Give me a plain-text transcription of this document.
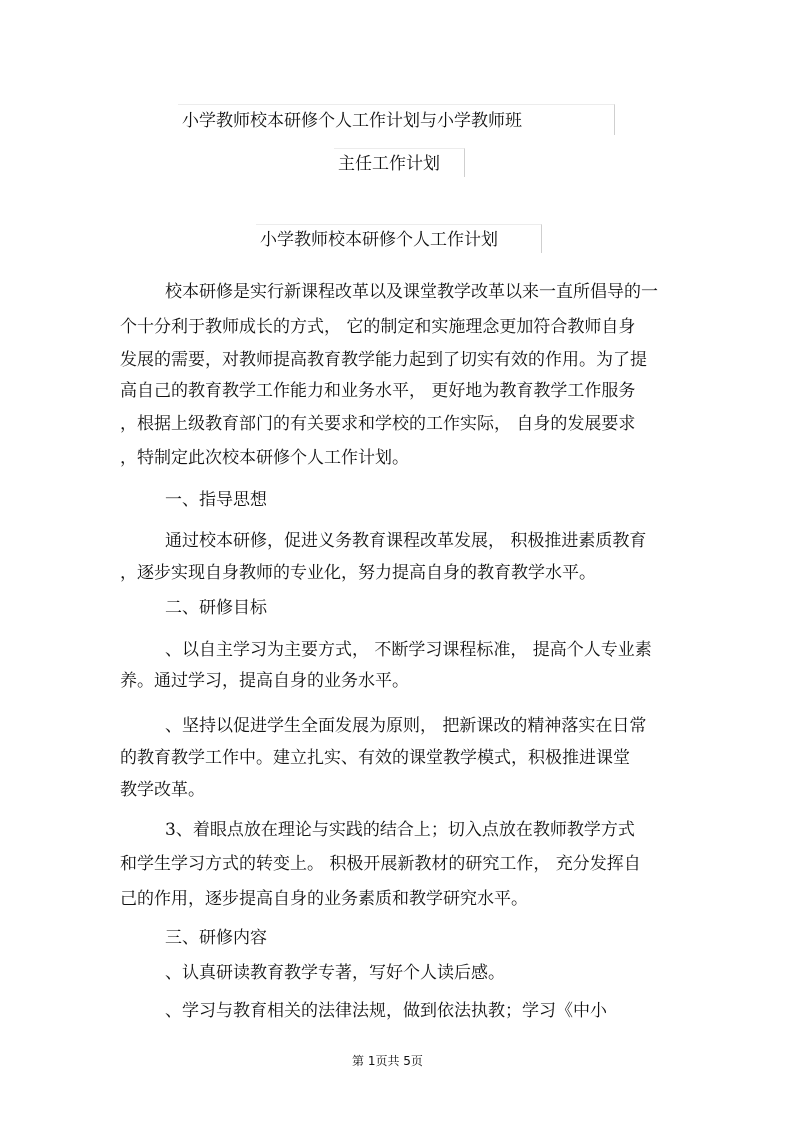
小学教师校本研修个人工作计划与小学教师班
主任工作计划
小学教师校本研修个人工作计划
校本研修是实行新课程改革以及课堂教学改革以来一直所倡导的一
个十分利于教师成长的方式， 它的制定和实施理念更加符合教师自身
发展的需要，对教师提高教育教学能力起到了切实有效的作用。为了提
高自己的教育教学工作能力和业务水平， 更好地为教育教学工作服务
，根据上级教育部门的有关要求和学校的工作实际， 自身的发展要求
，特制定此次校本研修个人工作计划。
一、指导思想
通过校本研修，促进义务教育课程改革发展， 积极推进素质教育
，逐步实现自身教师的专业化，努力提高自身的教育教学水平。
二、研修目标
、以自主学习为主要方式， 不断学习课程标准， 提高个人专业素
养。通过学习，提高自身的业务水平。
、坚持以促进学生全面发展为原则， 把新课改的精神落实在日常
的教育教学工作中。建立扎实、有效的课堂教学模式，积极推进课堂
教学改革。
3、着眼点放在理论与实践的结合上；切入点放在教师教学方式
和学生学习方式的转变上。 积极开展新教材的研究工作， 充分发挥自
己的作用，逐步提高自身的业务素质和教学研究水平。
三、研修内容
、认真研读教育教学专著，写好个人读后感。
、学习与教育相关的法律法规，做到依法执教；学习《中小
第 1页共 5页
